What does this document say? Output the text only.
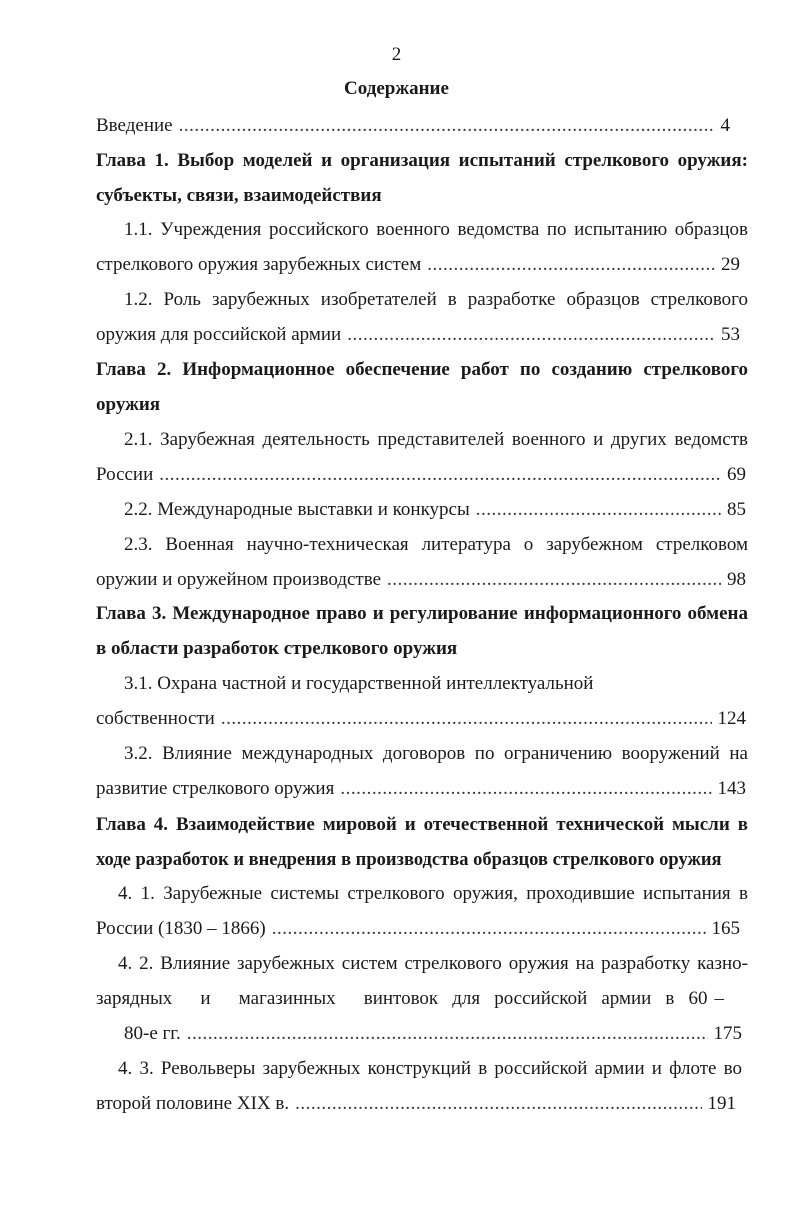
2
Содержание
Введение .....	4
Глава 1. Выбор моделей и организация испытаний стрелкового оружия:
субъекты, связи, взаимодействия
1.1. Учреждения российского военного ведомства по испытанию образцов
стрелкового оружия зарубежных систем .....	29
1.2. Роль зарубежных изобретателей в разработке образцов стрелкового
оружия для российской армии .....	53
Глава 2. Информационное обеспечение работ по созданию стрелкового
оружия
2.1. Зарубежная деятельность представителей военного и других ведомств
России .....	69
2.2. Международные выставки и конкурсы .....	85
2.3. Военная научно-техническая литература о зарубежном стрелковом
оружии и оружейном производстве .....	98
Глава 3. Международное право и регулирование информационного обмена
в области разработок стрелкового оружия
3.1. Охрана частной и государственной интеллектуальной
собственности .....	124
3.2. Влияние международных договоров по ограничению вооружений на
развитие стрелкового оружия .....	143
Глава 4. Взаимодействие мировой и отечественной технической мысли в
ходе разработок и внедрения в производства образцов стрелкового оружия
4. 1. Зарубежные системы стрелкового оружия, проходившие испытания в
России (1830 – 1866) .....	165
4. 2. Влияние зарубежных систем стрелкового оружия на разработку казно-
зарядных    и    магазинных    винтовок  для  российской  армии  в  60 –
80-е гг. .....	175
4. 3. Револьверы зарубежных конструкций в российской армии и флоте во
второй половине XIX в. .....	191
